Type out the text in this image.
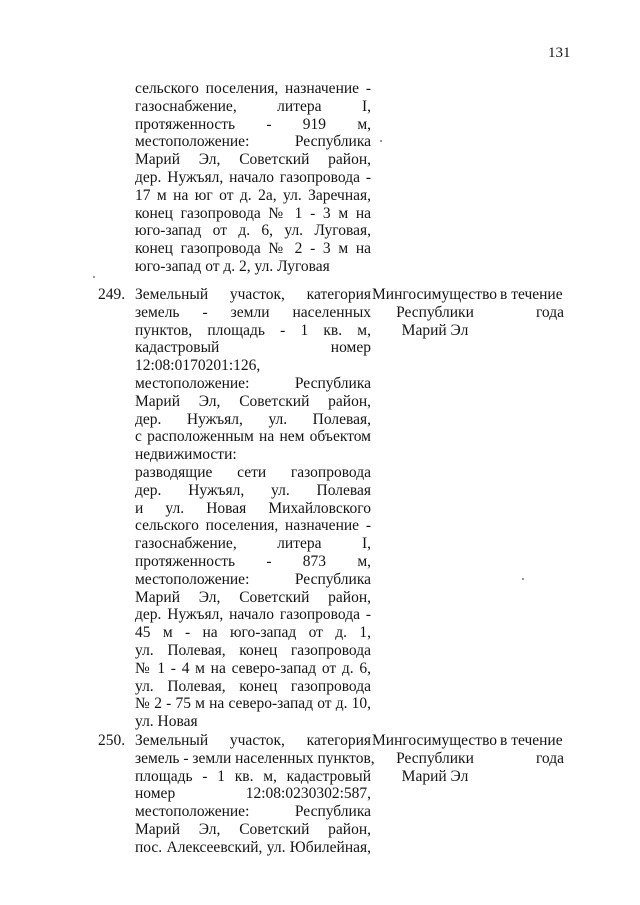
131
сельского поселения, назначение -
газоснабжение, литера I,
протяженность - 919 м,
местоположение: Республика
Марий Эл, Советский район,
дер. Нужъял, начало газопровода -
17 м на юг от д. 2а, ул. Заречная,
конец газопровода № 1 - 3 м на
юго-запад от д. 6, ул. Луговая,
конец газопровода № 2 - 3 м на
юго-запад от д. 2, ул. Луговая
249. Земельный участок, категория
земель - земли населенных
пунктов, площадь - 1 кв. м,
кадастровый номер
12:08:0170201:126,
местоположение: Республика
Марий Эл, Советский район,
дер. Нужъял, ул. Полевая,
с расположенным на нем объектом
недвижимости:
разводящие сети газопровода
дер. Нужъял, ул. Полевая
и ул. Новая Михайловского
сельского поселения, назначение -
газоснабжение, литера I,
протяженность - 873 м,
местоположение: Республика
Марий Эл, Советский район,
дер. Нужъял, начало газопровода -
45 м - на юго-запад от д. 1,
ул. Полевая, конец газопровода
№ 1 - 4 м на северо-запад от д. 6,
ул. Полевая, конец газопровода
№ 2 - 75 м на северо-запад от д. 10,
ул. Новая
Мингосимущество
Республики
Марий Эл
в течение
года
250. Земельный участок, категория
земель - земли населенных пунктов,
площадь - 1 кв. м, кадастровый
номер 12:08:0230302:587,
местоположение: Республика
Марий Эл, Советский район,
пос. Алексеевский, ул. Юбилейная,
Мингосимущество
Республики
Марий Эл
в течение
года
